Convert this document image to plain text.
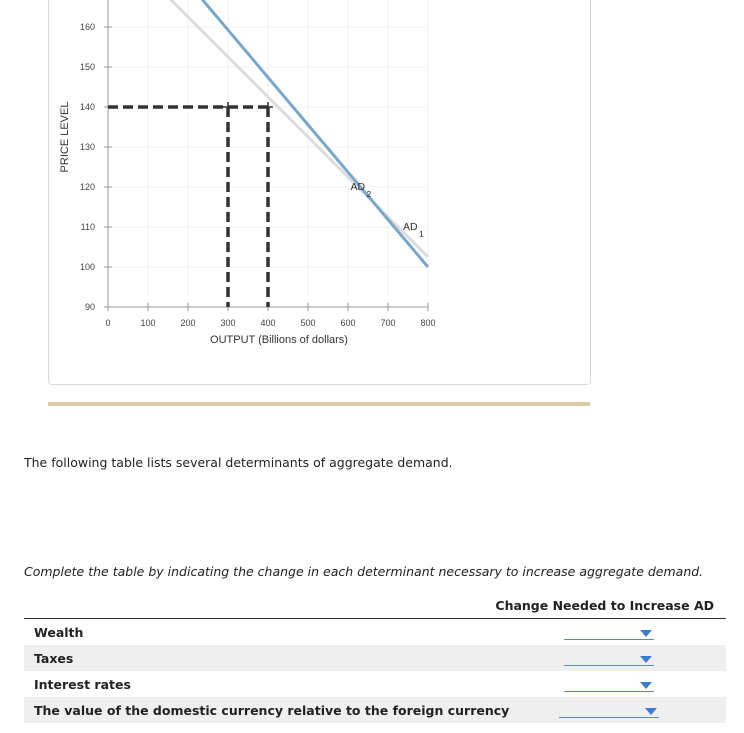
90
100
110
120
130
140
150
160
0	100	200	300	400	500	600	700	800
OUTPUT (Billions of dollars)
PRICE LEVEL
AD
2
AD
1
The following table lists several determinants of aggregate demand.
Complete the table by indicating the change in each determinant necessary to increase aggregate demand.
Change Needed to Increase AD
Wealth
Taxes
Interest rates
The value of the domestic currency relative to the foreign currency
